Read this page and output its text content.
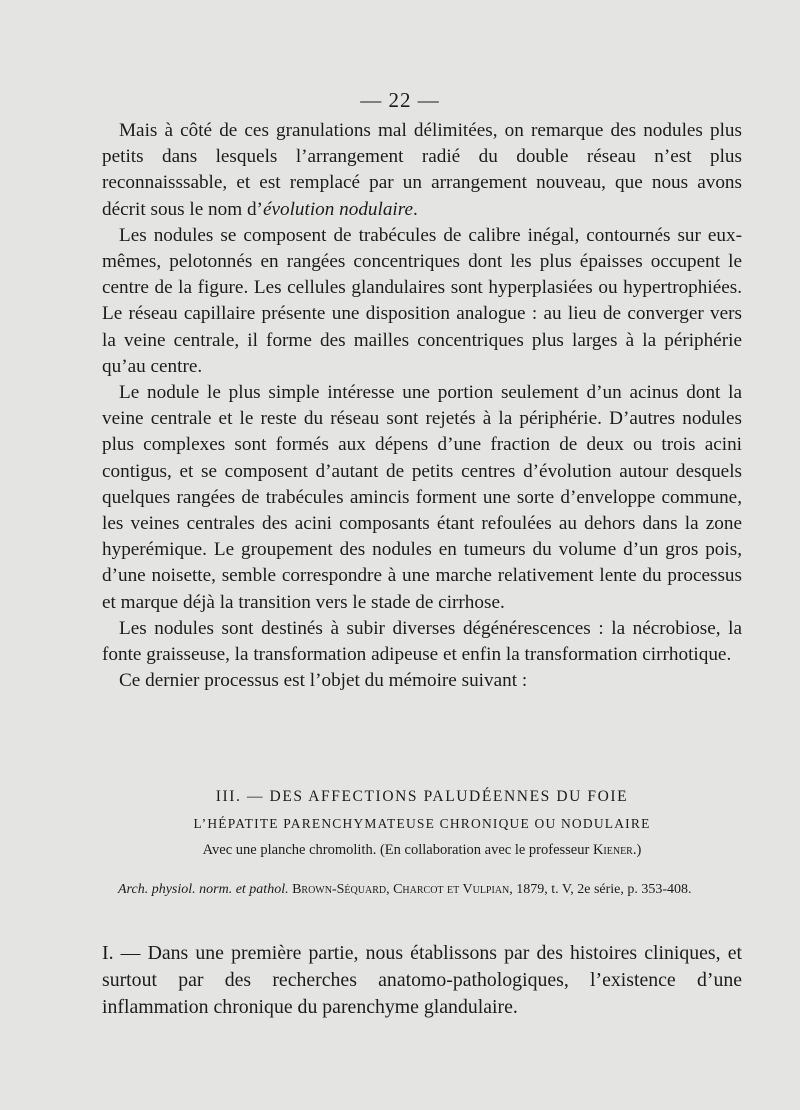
— 22 —

Mais à côté de ces granulations mal délimitées, on remarque des nodules plus petits dans lesquels l’arrangement radié du double réseau n’est plus reconnaisssable, et est remplacé par un arrangement nouveau, que nous avons décrit sous le nom d’évolution nodulaire.

Les nodules se composent de trabécules de calibre inégal, contournés sur eux-mêmes, pelotonnés en rangées concentriques dont les plus épaisses occupent le centre de la figure. Les cellules glandulaires sont hyperplasiées ou hypertrophiées. Le réseau capillaire présente une disposition analogue : au lieu de converger vers la veine centrale, il forme des mailles concentriques plus larges à la périphérie qu’au centre.

Le nodule le plus simple intéresse une portion seulement d’un acinus dont la veine centrale et le reste du réseau sont rejetés à la périphérie. D’autres nodules plus complexes sont formés aux dépens d’une fraction de deux ou trois acini contigus, et se composent d’autant de petits centres d’évolution autour desquels quelques rangées de trabécules amincis forment une sorte d’enveloppe commune, les veines centrales des acini composants étant refoulées au dehors dans la zone hyperémique. Le groupement des nodules en tumeurs du volume d’un gros pois, d’une noisette, semble correspondre à une marche relativement lente du processus et marque déjà la transition vers le stade de cirrhose.

Les nodules sont destinés à subir diverses dégénérescences : la nécrobiose, la fonte graisseuse, la transformation adipeuse et enfin la transformation cirrhotique.

Ce dernier processus est l’objet du mémoire suivant :

III. — DES AFFECTIONS PALUDÉENNES DU FOIE
L’HÉPATITE PARENCHYMATEUSE CHRONIQUE OU NODULAIRE
Avec une planche chromolith. (En collaboration avec le professeur Kiener.)
Arch. physiol. norm. et pathol. Brown-Séquard, Charcot et Vulpian, 1879, t. V, 2e série, p. 353-408.

I. — Dans une première partie, nous établissons par des histoires cliniques, et surtout par des recherches anatomo-pathologiques, l’existence d’une inflammation chronique du parenchyme glandulaire.
